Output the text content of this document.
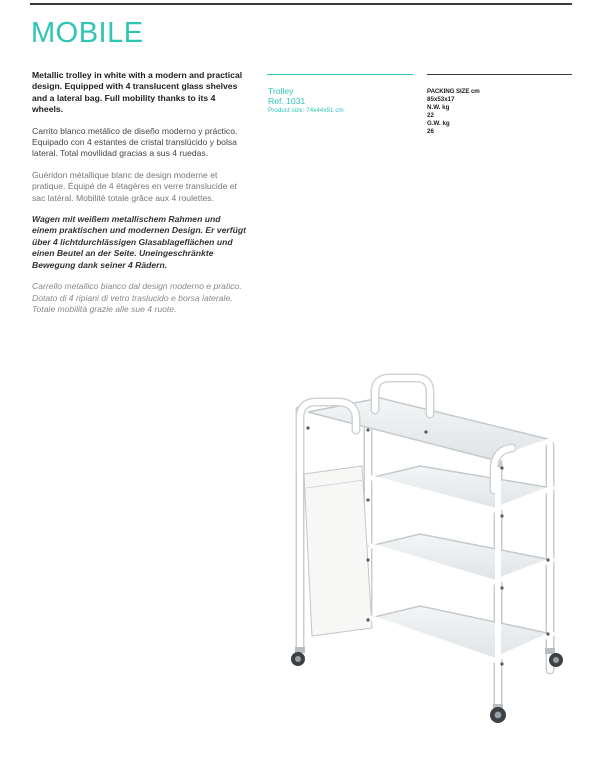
MOBILE

Metallic trolley in white with a modern and practical design. Equipped with 4 translucent glass shelves and a lateral bag. Full mobility thanks to its 4 wheels.

Carrito blanco metálico de diseño moderno y práctico. Equipado con 4 estantes de cristal translúcido y bolsa lateral. Total movilidad gracias a sus 4 ruedas.

Guéridon métallique blanc de design moderne et pratique. Équipé de 4 étagères en verre translucide et sac latéral. Mobilité totale grâce aux 4 roulettes.

Wagen mit weißem metallischem Rahmen und einem praktischen und modernen Design. Er verfügt über 4 lichtdurchlässigen Glasablageflächen und einen Beutel an der Seite. Uneingeschränkte Bewegung dank seiner 4 Rädern.

Carrello metallico bianco dal design moderno e pratico. Dotato di 4 ripiani di vetro traslucido e borsa laterale. Totale mobilità grazie alle sue 4 ruote.

Trolley
Ref. 1031
Product size: 74x44x91 cm
PACKING SIZE cm
85x53x17
N.W. kg
22
G.W. kg
26
